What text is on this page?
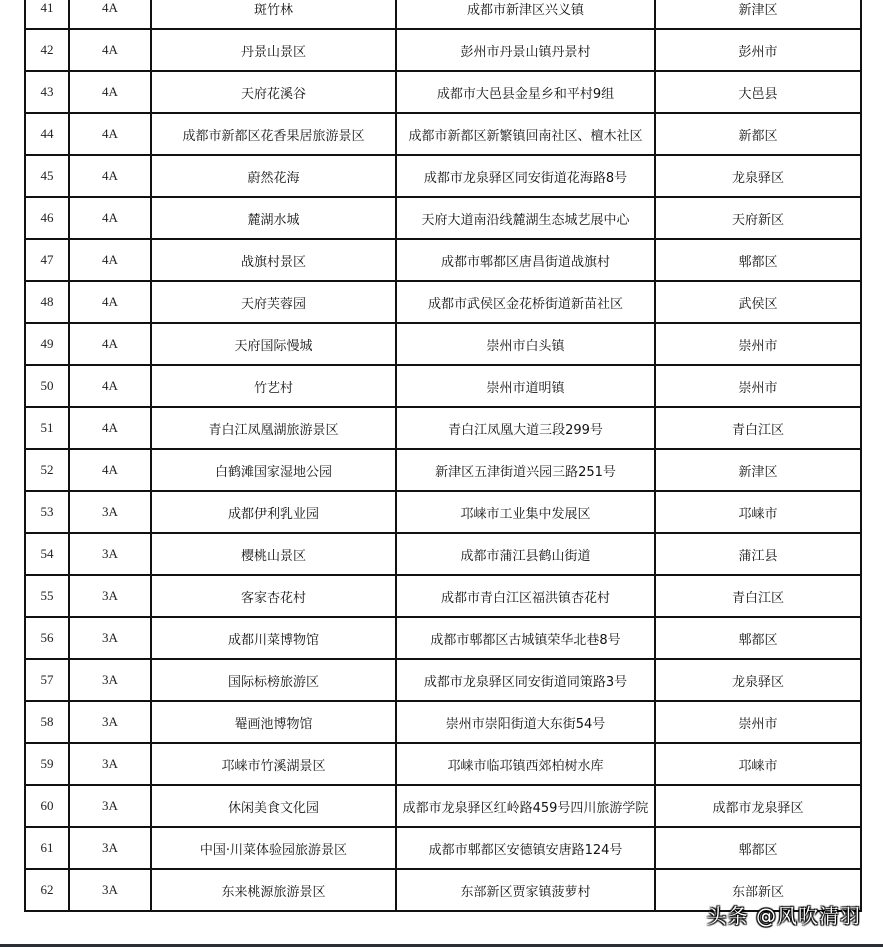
41	4A	斑竹林	成都市新津区兴义镇	新津区
42	4A	丹景山景区	彭州市丹景山镇丹景村	彭州市
43	4A	天府花溪谷	成都市大邑县金星乡和平村9组	大邑县
44	4A	成都市新都区花香果居旅游景区	成都市新都区新繁镇回南社区、檀木社区	新都区
45	4A	蔚然花海	成都市龙泉驿区同安街道花海路8号	龙泉驿区
46	4A	麓湖水城	天府大道南沿线麓湖生态城艺展中心	天府新区
47	4A	战旗村景区	成都市郫都区唐昌街道战旗村	郫都区
48	4A	天府芙蓉园	成都市武侯区金花桥街道新苗社区	武侯区
49	4A	天府国际慢城	崇州市白头镇	崇州市
50	4A	竹艺村	崇州市道明镇	崇州市
51	4A	青白江凤凰湖旅游景区	青白江凤凰大道三段299号	青白江区
52	4A	白鹤滩国家湿地公园	新津区五津街道兴园三路251号	新津区
53	3A	成都伊利乳业园	邛崃市工业集中发展区	邛崃市
54	3A	樱桃山景区	成都市蒲江县鹤山街道	蒲江县
55	3A	客家杏花村	成都市青白江区福洪镇杏花村	青白江区
56	3A	成都川菜博物馆	成都市郫都区古城镇荣华北巷8号	郫都区
57	3A	国际标榜旅游区	成都市龙泉驿区同安街道同策路3号	龙泉驿区
58	3A	罨画池博物馆	崇州市崇阳街道大东街54号	崇州市
59	3A	邛崃市竹溪湖景区	邛崃市临邛镇西郊柏树水库	邛崃市
60	3A	休闲美食文化园	成都市龙泉驿区红岭路459号四川旅游学院	成都市龙泉驿区
61	3A	中国·川菜体验园旅游景区	成都市郫都区安德镇安唐路124号	郫都区
62	3A	东来桃源旅游景区	东部新区贾家镇菠萝村	东部新区
头条 @风吹清羽
